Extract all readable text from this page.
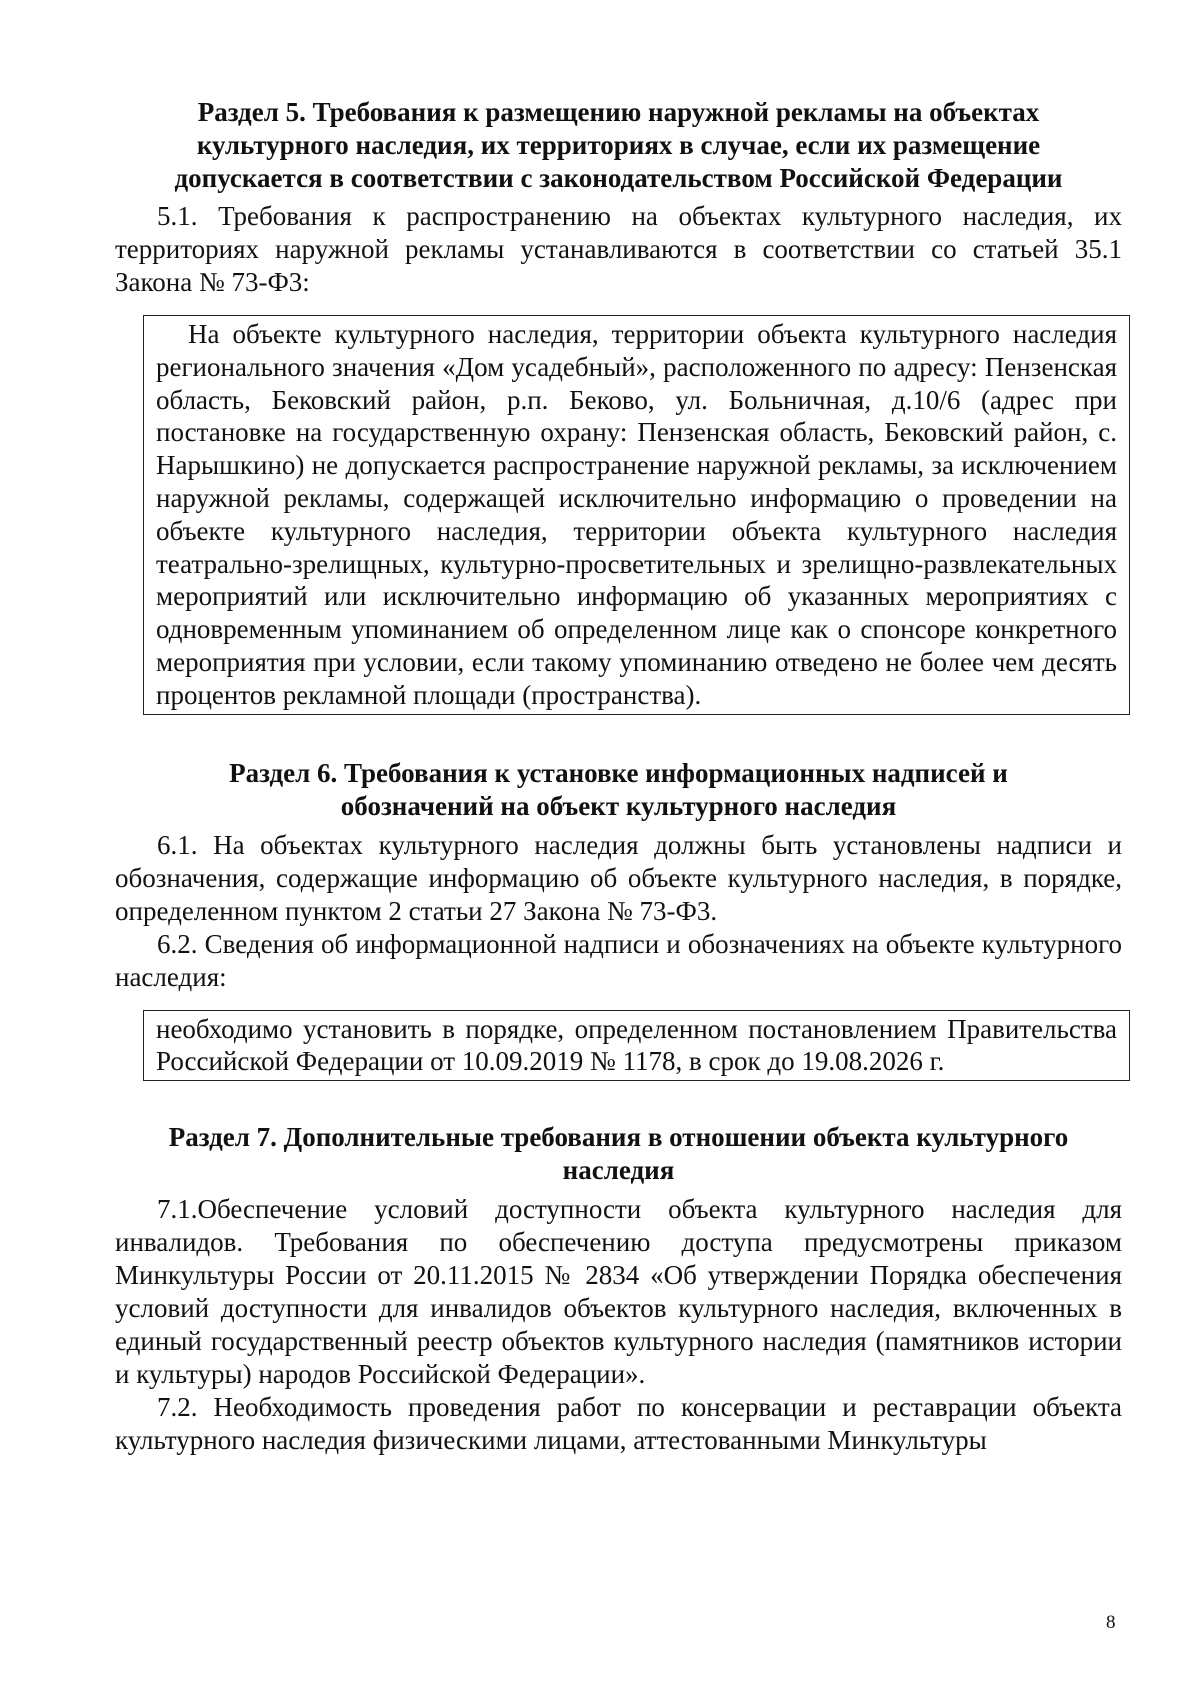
Раздел 5. Требования к размещению наружной рекламы на объектах культурного наследия, их территориях в случае, если их размещение допускается в соответствии с законодательством Российской Федерации

5.1. Требования к распространению на объектах культурного наследия, их территориях наружной рекламы устанавливаются в соответствии со статьей 35.1 Закона № 73-Ф3:

На объекте культурного наследия, территории объекта культурного наследия регионального значения «Дом усадебный», расположенного по адресу: Пензенская область, Бековский район, р.п. Беково, ул. Больничная, д.10/6 (адрес при постановке на государственную охрану: Пензенская область, Бековский район, с. Нарышкино) не допускается распространение наружной рекламы, за исключением наружной рекламы, содержащей исключительно информацию о проведении на объекте культурного наследия, территории объекта культурного наследия театрально-зрелищных, культурно-просветительных и зрелищно-развлекательных мероприятий или исключительно информацию об указанных мероприятиях с одновременным упоминанием об определенном лице как о спонсоре конкретного мероприятия при условии, если такому упоминанию отведено не более чем десять процентов рекламной площади (пространства).
Раздел 6. Требования к установке информационных надписей и обозначений на объект культурного наследия

6.1. На объектах культурного наследия должны быть установлены надписи и обозначения, содержащие информацию об объекте культурного наследия, в порядке, определенном пунктом 2 статьи 27 Закона № 73-Ф3.

6.2. Сведения об информационной надписи и обозначениях на объекте культурного наследия:

необходимо установить в порядке, определенном постановлением Правительства Российской Федерации от 10.09.2019 № 1178, в срок до 19.08.2026 г.
Раздел 7. Дополнительные требования в отношении объекта культурного наследия

7.1.Обеспечение условий доступности объекта культурного наследия для инвалидов. Требования по обеспечению доступа предусмотрены приказом Минкультуры России от 20.11.2015 № 2834 «Об утверждении Порядка обеспечения условий доступности для инвалидов объектов культурного наследия, включенных в единый государственный реестр объектов культурного наследия (памятников истории и культуры) народов Российской Федерации».

7.2. Необходимость проведения работ по консервации и реставрации объекта культурного наследия физическими лицами, аттестованными Минкультуры

8
